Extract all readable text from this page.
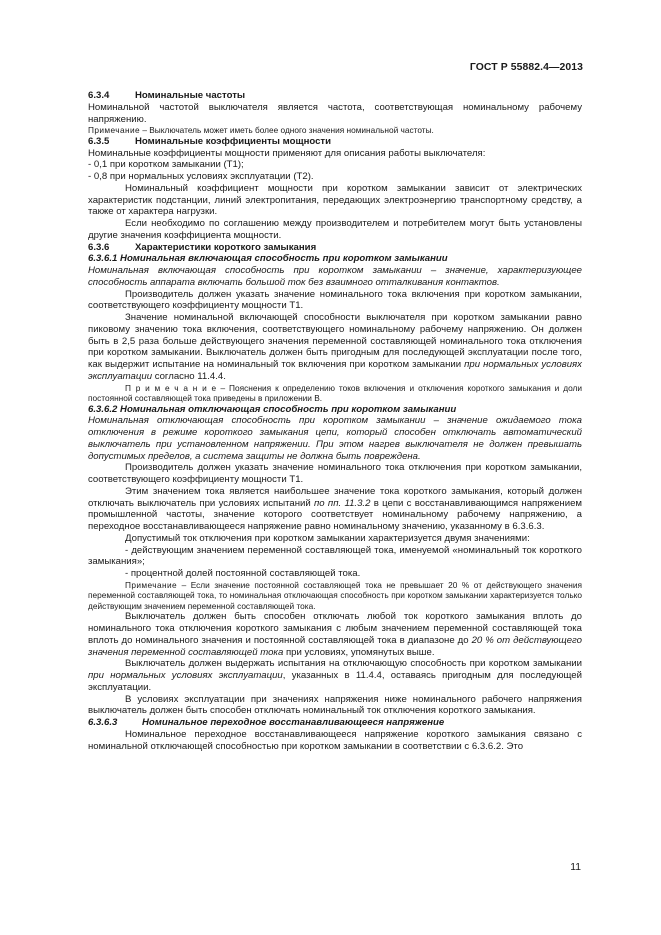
ГОСТ Р 55882.4—2013

6.3.4	Номинальные частоты

Номинальной частотой выключателя является частота, соответствующая номинальному рабочему напряжению.

Примечание – Выключатель может иметь более одного значения номинальной частоты.

6.3.5	Номинальные коэффициенты мощности

Номинальные коэффициенты мощности применяют для описания работы выключателя:

- 0,1 при коротком замыкании (Т1);

- 0,8 при нормальных условиях эксплуатации (Т2).

Номинальный коэффициент мощности при коротком замыкании зависит от электрических характеристик подстанции, линий электропитания, передающих электроэнергию транспортному средству, а также от характера нагрузки.

Если необходимо по соглашению между производителем и потребителем могут быть установлены другие значения коэффициента мощности.

6.3.6	Характеристики короткого замыкания

6.3.6.1 Номинальная включающая способность при коротком замыкании

Номинальная включающая способность при коротком замыкании – значение, характеризующее способность аппарата включать большой ток без взаимного отталкивания контактов.

Производитель должен указать значение номинального тока включения при коротком замыкании, соответствующего коэффициенту мощности Т1.

Значение номинальной включающей способности выключателя при коротком замыкании равно пиковому значению тока включения, соответствующего номинальному рабочему напряжению. Он должен быть в 2,5 раза больше действующего значения переменной составляющей номинального тока отключения при коротком замыкании. Выключатель должен быть пригодным для последующей эксплуатации после того, как выдержит испытание на номинальный ток включения при коротком замыкании при нормальных условиях эксплуатации согласно 11.4.4.

П р и м е ч а н и е – Пояснения к определению токов включения и отключения короткого замыкания и доли постоянной составляющей тока приведены в приложении В.

6.3.6.2 Номинальная отключающая способность при коротком замыкании

Номинальная отключающая способность при коротком замыкании – значение ожидаемого тока отключения в режиме короткого замыкания цепи, который способен отключать автоматический выключатель при установленном напряжении. При этом нагрев выключателя не должен превышать допустимых пределов, а система защиты не должна быть повреждена.

Производитель должен указать значение номинального тока отключения при коротком замыкании, соответствующего коэффициенту мощности Т1.

Этим значением тока является наибольшее значение тока короткого замыкания, который должен отключать выключатель при условиях испытаний по пп. 11.3.2 в цепи с восстанавливающимся напряжением промышленной частоты, значение которого соответствует номинальному рабочему напряжению, а переходное восстанавливающееся напряжение равно номинальному значению, указанному в 6.3.6.3.

Допустимый ток отключения при коротком замыкании характеризуется двумя значениями:

- действующим значением переменной составляющей тока, именуемой «номинальный ток короткого замыкания»;

- процентной долей постоянной составляющей тока.

Примечание – Если значение постоянной составляющей тока не превышает 20 % от действующего значения переменной составляющей тока, то номинальная отключающая способность при коротком замыкании характеризуется только действующим значением переменной составляющей тока.

Выключатель должен быть способен отключать любой ток короткого замыкания вплоть до номинального тока отключения короткого замыкания с любым значением переменной составляющей тока вплоть до номинального значения и постоянной составляющей тока в диапазоне до 20 % от действующего значения переменной составляющей тока при условиях, упомянутых выше.

Выключатель должен выдержать испытания на отключающую способность при коротком замыкании при нормальных условиях эксплуатации, указанных в 11.4.4, оставаясь пригодным для последующей эксплуатации.

В условиях эксплуатации при значениях напряжения ниже номинального рабочего напряжения выключатель должен быть способен отключать номинальный ток отключения короткого замыкания.

6.3.6.3	Номинальное переходное восстанавливающееся напряжение

Номинальное переходное восстанавливающееся напряжение короткого замыкания связано с номинальной отключающей способностью при коротком замыкании в соответствии с 6.3.6.2. Это

11
